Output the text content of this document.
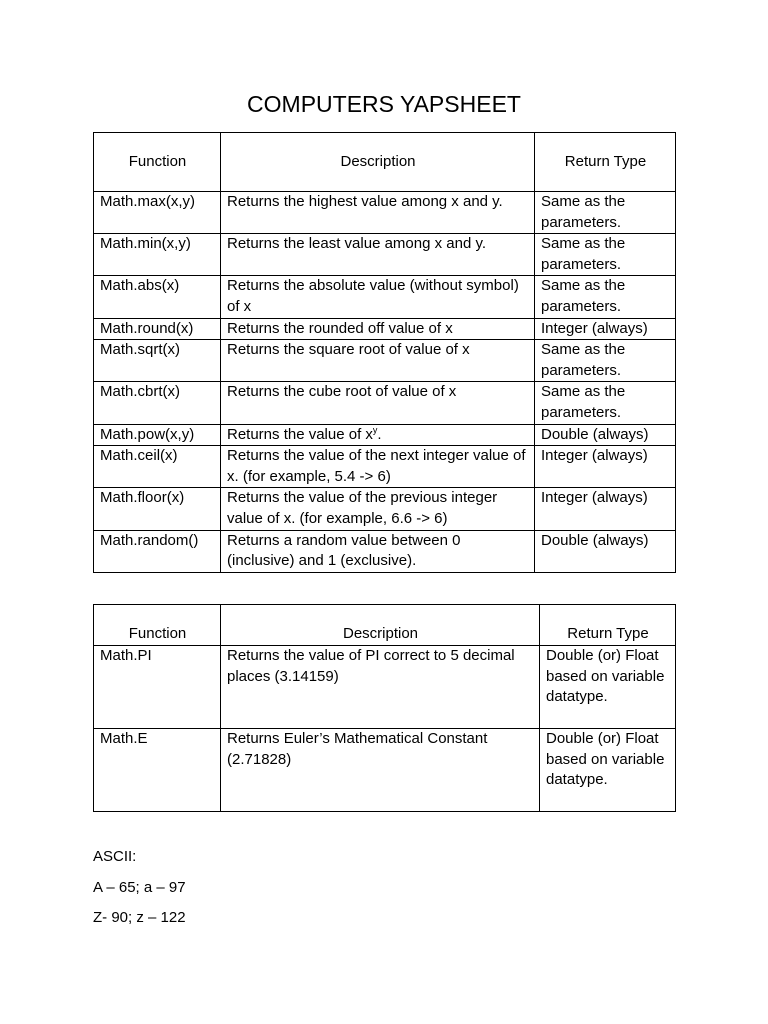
COMPUTERS YAPSHEET
Function	Description	Return Type
Math.max(x,y)	Returns the highest value among x and y.	Same as the parameters.
Math.min(x,y)	Returns the least value among x and y.	Same as the parameters.
Math.abs(x)	Returns the absolute value (without symbol) of x	Same as the parameters.
Math.round(x)	Returns the rounded off value of x	Integer (always)
Math.sqrt(x)	Returns the square root of value of x	Same as the parameters.
Math.cbrt(x)	Returns the cube root of value of x	Same as the parameters.
Math.pow(x,y)	Returns the value of $x^y$.	Double (always)
Math.ceil(x)	Returns the value of the next integer value of x. (for example, 5.4 -> 6)	Integer (always)
Math.floor(x)	Returns the value of the previous integer value of x. (for example, 6.6 -> 6)	Integer (always)
Math.random()	Returns a random value between 0 (inclusive) and 1 (exclusive).	Double (always)
Function	Description	Return Type
Math.PI	Returns the value of PI correct to 5 decimal places (3.14159)	Double (or) Float based on variable datatype.
Math.E	Returns Euler’s Mathematical Constant (2.71828)	Double (or) Float based on variable datatype.

ASCII:

A – 65; a – 97

Z- 90; z – 122
